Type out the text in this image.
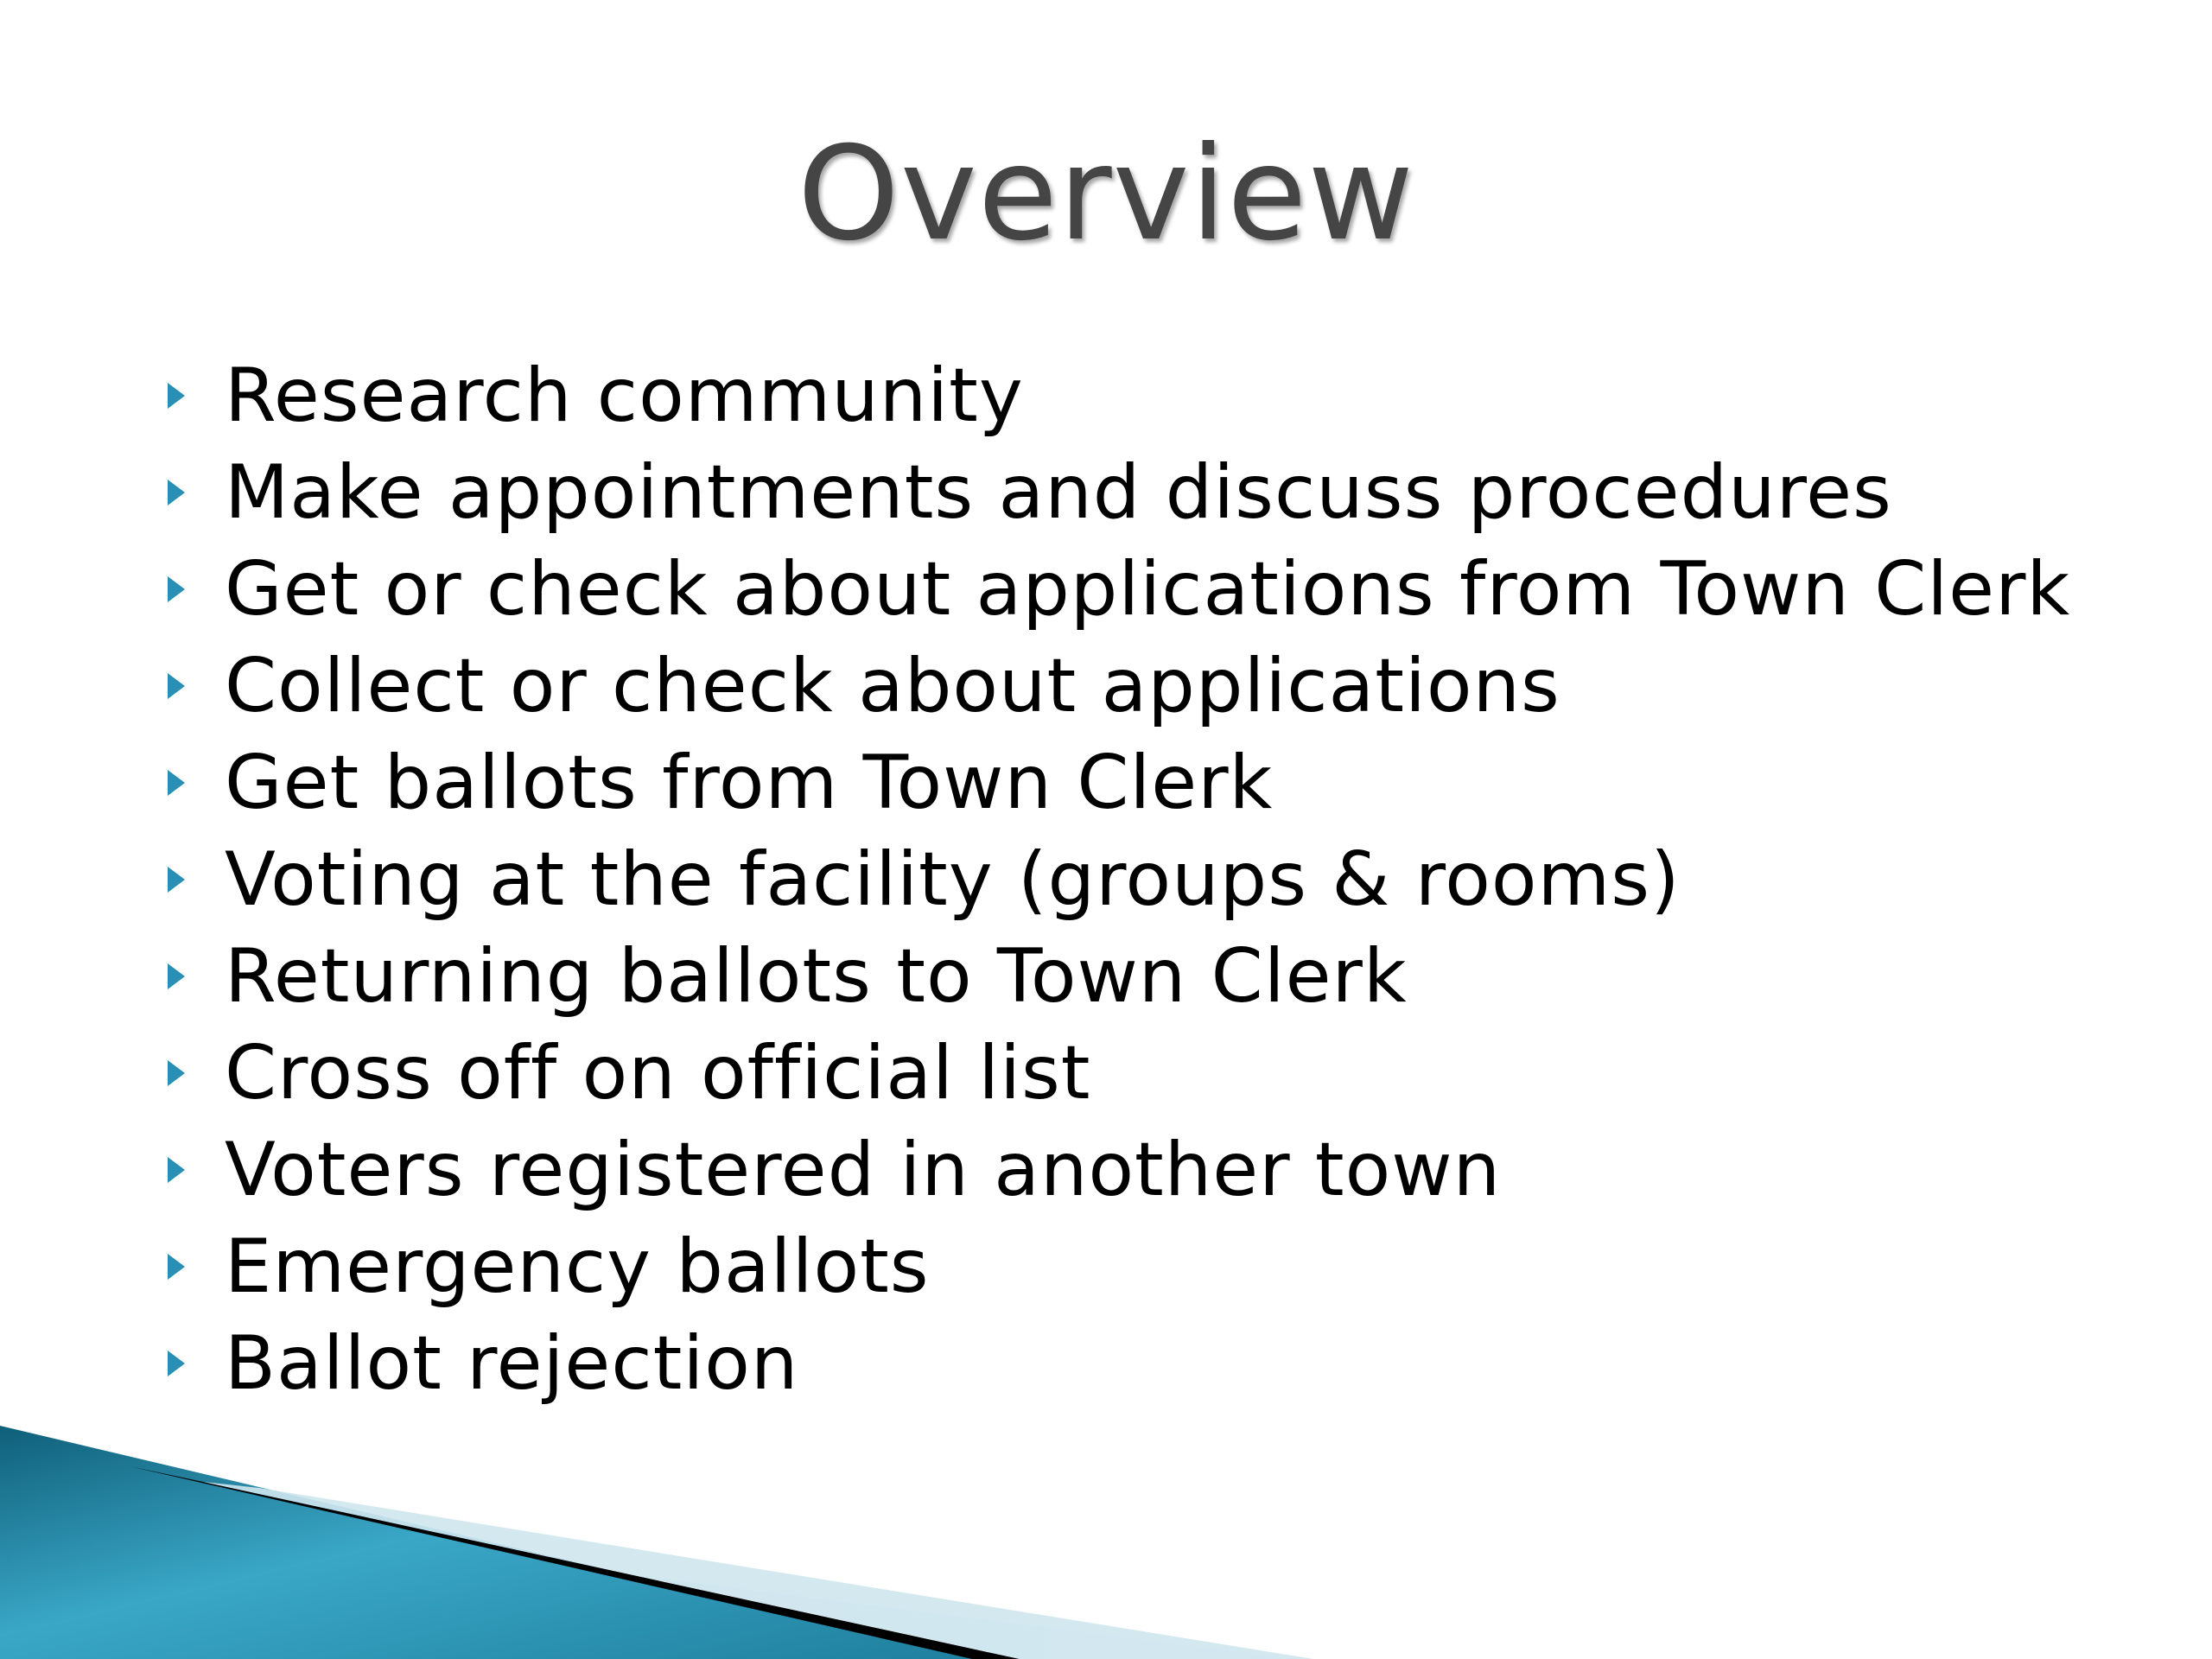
Overview
Research community
Make appointments and discuss procedures
Get or check about applications from Town Clerk
Collect or check about applications
Get ballots from Town Clerk
Voting at the facility (groups & rooms)
Returning ballots to Town Clerk
Cross off on official list
Voters registered in another town
Emergency ballots
Ballot rejection
